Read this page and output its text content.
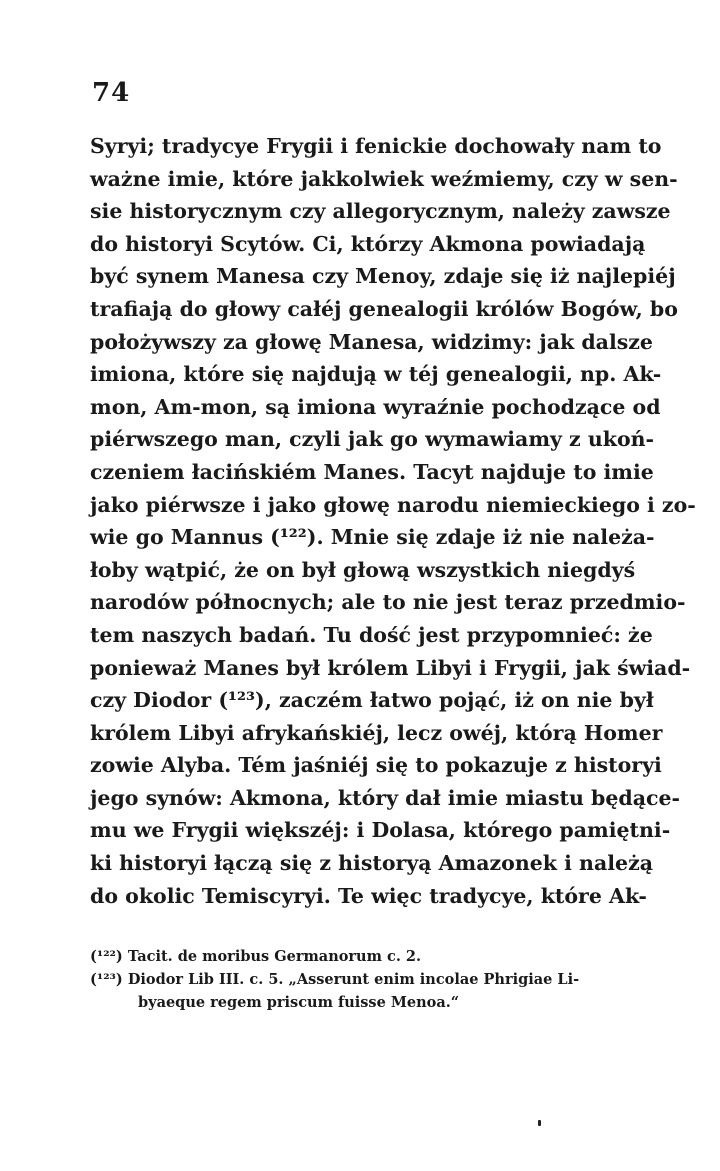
74
Syryi; tradycye Frygii i fenickie dochowały nam to
ważne imie, które jakkolwiek weźmiemy, czy w sen-
sie historycznym czy allegorycznym, należy zawsze
do historyi Scytów. Ci, którzy Akmona powiadają
być synem Manesa czy Menoy, zdaje się iż najlepiéj
trafiają do głowy całéj genealogii królów Bogów, bo
położywszy za głowę Manesa, widzimy: jak dalsze
imiona, które się najdują w téj genealogii, np. Ak-
mon, Am-mon, są imiona wyraźnie pochodzące od
piérwszego man, czyli jak go wymawiamy z ukoń-
czeniem łacińskiém Manes. Tacyt najduje to imie
jako piérwsze i jako głowę narodu niemieckiego i zo-
wie go Mannus (¹²²). Mnie się zdaje iż nie należa-
łoby wątpić, że on był głową wszystkich niegdyś
narodów północnych; ale to nie jest teraz przedmio-
tem naszych badań. Tu dość jest przypomnieć: że
ponieważ Manes był królem Libyi i Frygii, jak świad-
czy Diodor (¹²³), zaczém łatwo pojąć, iż on nie był
królem Libyi afrykańskiéj, lecz owéj, którą Homer
zowie Alyba. Tém jaśniéj się to pokazuje z historyi
jego synów: Akmona, który dał imie miastu będące-
mu we Frygii większéj: i Dolasa, którego pamiętni-
ki historyi łączą się z historyą Amazonek i należą
do okolic Temiscyryi. Te więc tradycye, które Ak-
(¹²²) Tacit. de moribus Germanorum c. 2.
(¹²³) Diodor Lib III. c. 5. „Asserunt enim incolae Phrigiae Li-
byaeque regem priscum fuisse Menoa.“
